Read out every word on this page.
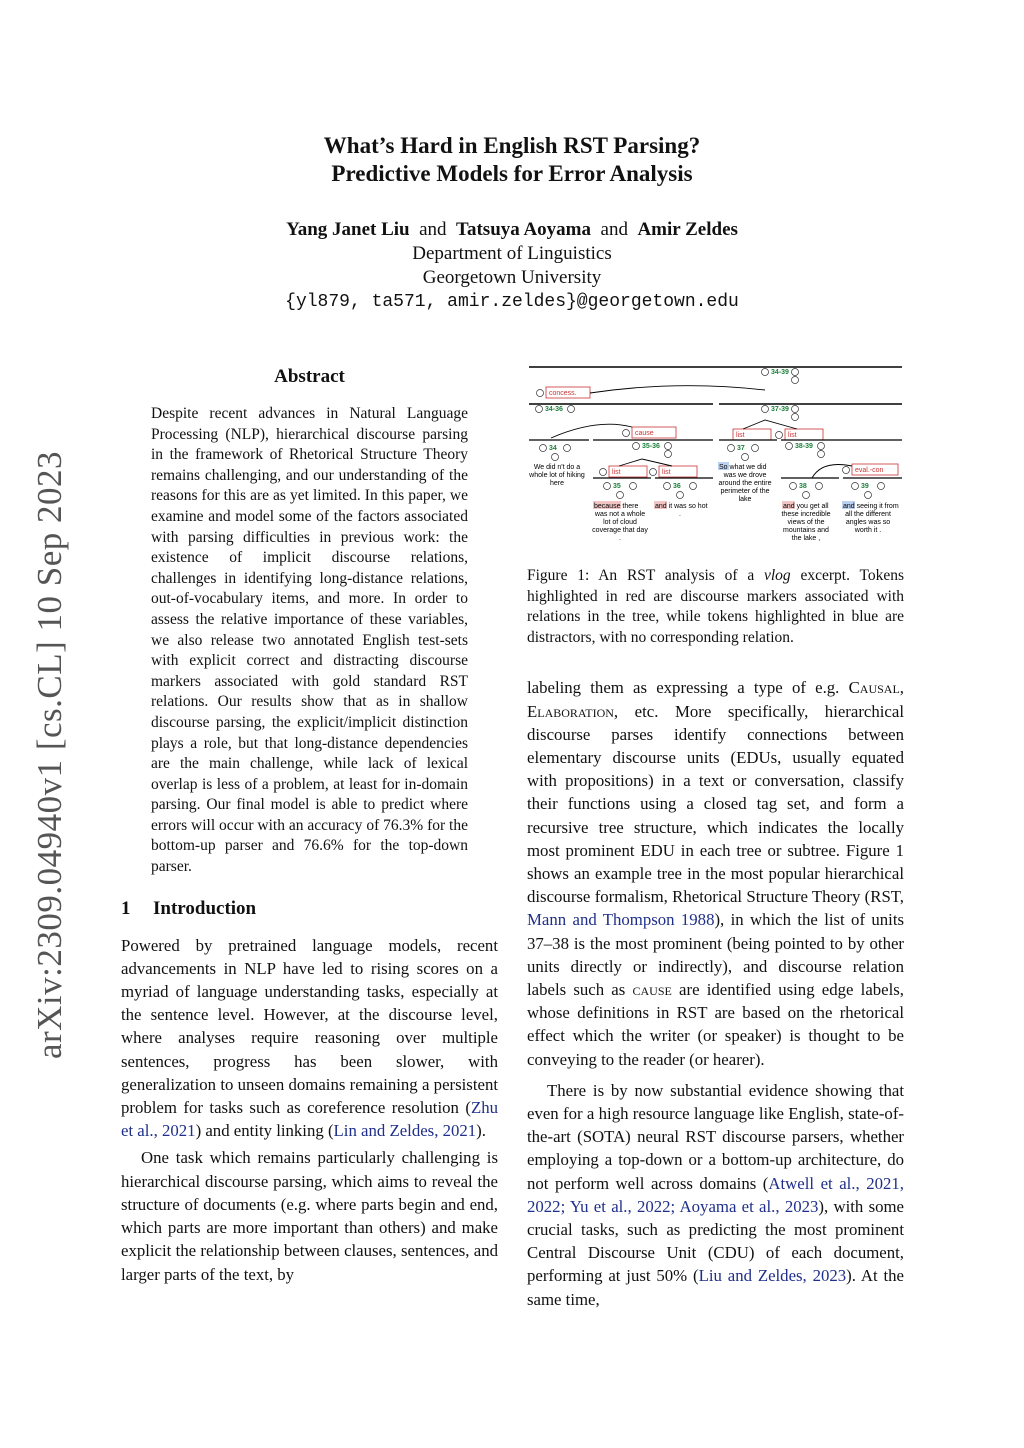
arXiv:2309.04940v1 [cs.CL] 10 Sep 2023
What’s Hard in English RST Parsing?
Predictive Models for Error Analysis
Yang Janet Liu and Tatsuya Aoyama and Amir Zeldes
Department of Linguistics
Georgetown University
{yl879, ta571, amir.zeldes}@georgetown.edu
Abstract
Despite recent advances in Natural Language Processing (NLP), hierarchical discourse parsing in the framework of Rhetorical Structure Theory remains challenging, and our understanding of the reasons for this are as yet limited. In this paper, we examine and model some of the factors associated with parsing difficulties in previous work: the existence of implicit discourse relations, challenges in identifying long-distance relations, out-of-vocabulary items, and more. In order to assess the relative importance of these variables, we also release two annotated English test-sets with explicit correct and distracting discourse markers associated with gold standard RST relations. Our results show that as in shallow discourse parsing, the explicit/implicit distinction plays a role, but that long-distance dependencies are the main challenge, while lack of lexical overlap is less of a problem, at least for in-domain parsing. Our final model is able to predict where errors will occur with an accuracy of 76.3% for the bottom-up parser and 76.6% for the top-down parser.
1 Introduction

Powered by pretrained language models, recent advancements in NLP have led to rising scores on a myriad of language understanding tasks, especially at the sentence level. However, at the discourse level, where analyses require reasoning over multiple sentences, progress has been slower, with generalization to unseen domains remaining a persistent problem for tasks such as coreference resolution (Zhu et al., 2021) and entity linking (Lin and Zeldes, 2021).

One task which remains particularly challenging is hierarchical discourse parsing, which aims to reveal the structure of documents (e.g. where parts begin and end, which parts are more important than others) and make explicit the relationship between clauses, sentences, and larger parts of the text, by

34-39
concess.
34-36	37-39
cause	list	list
34	35-36	37	38-39
list	list	eval.-con
35	36	38	39
We did n't do a
whole lot of hiking
here
So what we did
was we drove
around the entire
perimeter of the
lake
because there
was not a whole
lot of cloud
coverage that day
.
and it was so hot
.
and you get all
these incredible
views of the
mountains and
the lake ,
and seeing it from
all the different
angles was so
worth it .
Figure 1: An RST analysis of a vlog excerpt. Tokens highlighted in red are discourse markers associated with relations in the tree, while tokens highlighted in blue are distractors, with no corresponding relation.

labeling them as expressing a type of e.g. Causal, Elaboration, etc. More specifically, hierarchical discourse parses identify connections between elementary discourse units (EDUs, usually equated with propositions) in a text or conversation, classify their functions using a closed tag set, and form a recursive tree structure, which indicates the locally most prominent EDU in each tree or subtree. Figure 1 shows an example tree in the most popular hierarchical discourse formalism, Rhetorical Structure Theory (RST, Mann and Thompson 1988), in which the list of units 37–38 is the most prominent (being pointed to by other units directly or indirectly), and discourse relation labels such as cause are identified using edge labels, whose definitions in RST are based on the rhetorical effect which the writer (or speaker) is thought to be conveying to the reader (or hearer).

There is by now substantial evidence showing that even for a high resource language like English, state-of-the-art (SOTA) neural RST discourse parsers, whether employing a top-down or a bottom-up architecture, do not perform well across domains (Atwell et al., 2021, 2022; Yu et al., 2022; Aoyama et al., 2023), with some crucial tasks, such as predicting the most prominent Central Discourse Unit (CDU) of each document, performing at just 50% (Liu and Zeldes, 2023). At the same time,
